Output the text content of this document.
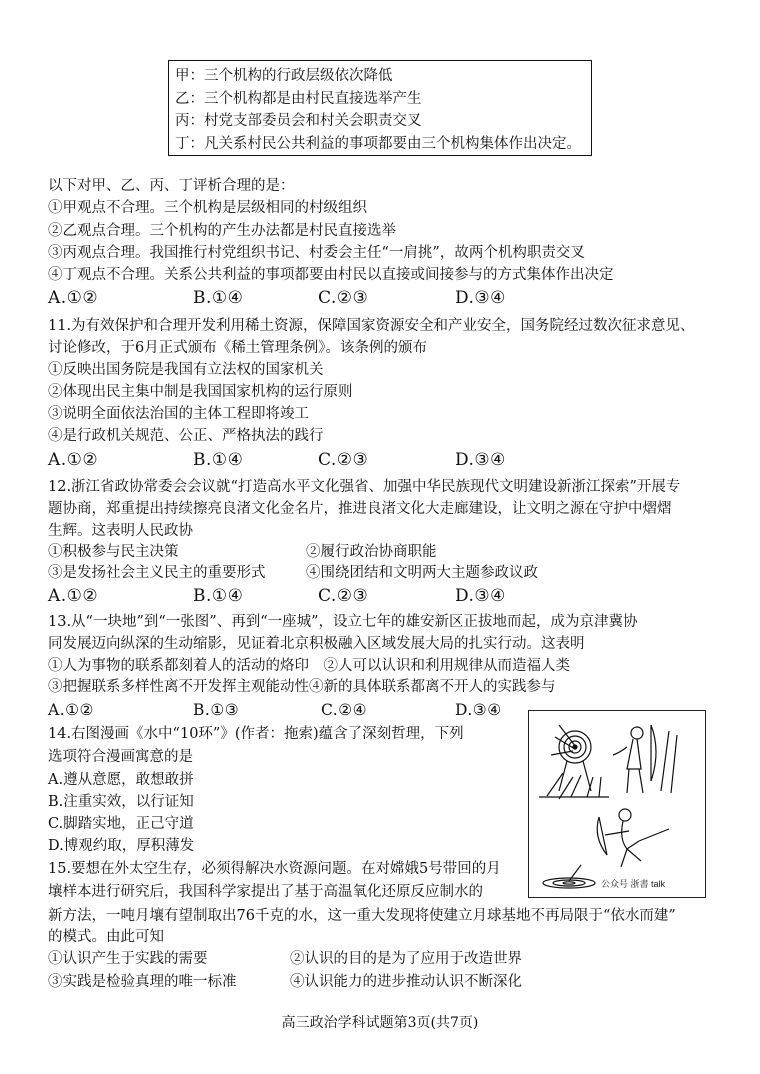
甲：三个机构的行政层级依次降低
乙：三个机构都是由村民直接选举产生
丙：村党支部委员会和村关会职责交叉
丁：凡关系村民公共利益的事项都要由三个机构集体作出决定。
以下对甲、乙、丙、丁评析合理的是：
①甲观点不合理。三个机构是层级相同的村级组织
②乙观点合理。三个机构的产生办法都是村民直接选举
③丙观点合理。我国推行村党组织书记、村委会主任“一肩挑”，故两个机构职责交叉
④丁观点不合理。关系公共利益的事项都要由村民以直接或间接参与的方式集体作出决定
A.①②	B.①④	C.②③	D.③④
11.为有效保护和合理开发利用稀土资源，保障国家资源安全和产业安全，国务院经过数次征求意见、
讨论修改，于6月正式颁布《稀土管理条例》。该条例的颁布
①反映出国务院是我国有立法权的国家机关
②体现出民主集中制是我国国家机构的运行原则
③说明全面依法治国的主体工程即将竣工
④是行政机关规范、公正、严格执法的践行
A.①②	B.①④	C.②③	D.③④
12.浙江省政协常委会会议就“打造高水平文化强省、加强中华民族现代文明建设新浙江探索”开展专
题协商，郑重提出持续擦亮良渚文化金名片，推进良渚文化大走廊建设，让文明之源在守护中熠熠
生辉。这表明人民政协
①积极参与民主决策	②履行政治协商职能
③是发扬社会主义民主的重要形式	④围绕团结和文明两大主题参政议政
A.①②	B.①④	C.②③	D.③④
13.从“一块地”到“一张图”、再到“一座城”，设立七年的雄安新区正拔地而起，成为京津冀协
同发展迈向纵深的生动缩影，见证着北京积极融入区域发展大局的扎实行动。这表明
①人为事物的联系都刻着人的活动的烙印　②人可以认识和利用规律从而造福人类
③把握联系多样性离不开发挥主观能动性④新的具体联系都离不开人的实践参与
A.①②	B.①③	C.②④	D.③④
14.右图漫画《水中“10环”》(作者：拖索)蕴含了深刻哲理，下列
选项符合漫画寓意的是
A.遵从意愿，敢想敢拼
B.注重实效，以行证知
C.脚踏实地，正己守道
D.博观约取，厚积薄发
公众号 浙書 talk
15.要想在外太空生存，必须得解决水资源问题。在对嫦娥5号带回的月
壤样本进行研究后，我国科学家提出了基于高温氧化还原反应制水的
新方法，一吨月壤有望制取出76千克的水，这一重大发现将使建立月球基地不再局限于“依水而建”
的模式。由此可知
①认识产生于实践的需要	②认识的目的是为了应用于改造世界
③实践是检验真理的唯一标准	④认识能力的进步推动认识不断深化
高三政治学科试题第3页(共7页)
